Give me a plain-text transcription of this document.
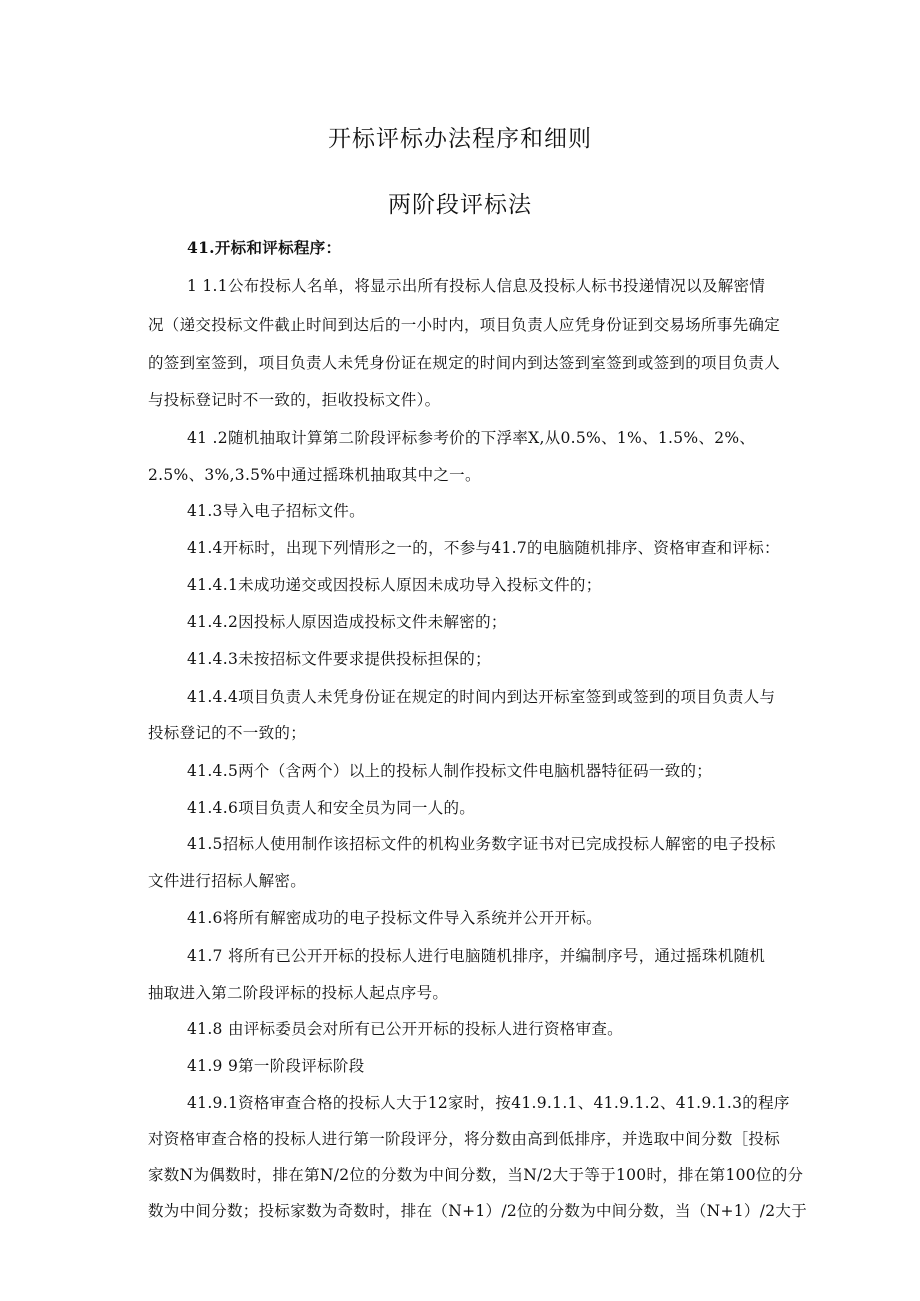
开标评标办法程序和细则
两阶段评标法
41.开标和评标程序：
1 1.1公布投标人名单，将显示出所有投标人信息及投标人标书投递情况以及解密情
况（递交投标文件截止时间到达后的一小时内，项目负责人应凭身份证到交易场所事先确定
的签到室签到，项目负责人未凭身份证在规定的时间内到达签到室签到或签到的项目负责人
与投标登记时不一致的，拒收投标文件）。
41 .2随机抽取计算第二阶段评标参考价的下浮率X,从0.5%、1%、1.5%、2%、
2.5%、3%,3.5%中通过摇珠机抽取其中之一。
41.3导入电子招标文件。
41.4开标时，出现下列情形之一的，不参与41.7的电脑随机排序、资格审查和评标：
41.4.1未成功递交或因投标人原因未成功导入投标文件的；
41.4.2因投标人原因造成投标文件未解密的；
41.4.3未按招标文件要求提供投标担保的；
41.4.4项目负责人未凭身份证在规定的时间内到达开标室签到或签到的项目负责人与
投标登记的不一致的；
41.4.5两个（含两个）以上的投标人制作投标文件电脑机器特征码一致的；
41.4.6项目负责人和安全员为同一人的。
41.5招标人使用制作该招标文件的机构业务数字证书对已完成投标人解密的电子投标
文件进行招标人解密。
41.6将所有解密成功的电子投标文件导入系统并公开开标。
41.7 将所有已公开开标的投标人进行电脑随机排序，并编制序号，通过摇珠机随机
抽取进入第二阶段评标的投标人起点序号。
41.8 由评标委员会对所有已公开开标的投标人进行资格审查。
41.9 9第一阶段评标阶段
41.9.1资格审查合格的投标人大于12家时，按41.9.1.1、41.9.1.2、41.9.1.3的程序
对资格审查合格的投标人进行第一阶段评分，将分数由高到低排序，并选取中间分数［投标
家数N为偶数时，排在第N/2位的分数为中间分数，当N/2大于等于100时，排在第100位的分
数为中间分数；投标家数为奇数时，排在（N+1）/2位的分数为中间分数，当（N+1）/2大于
